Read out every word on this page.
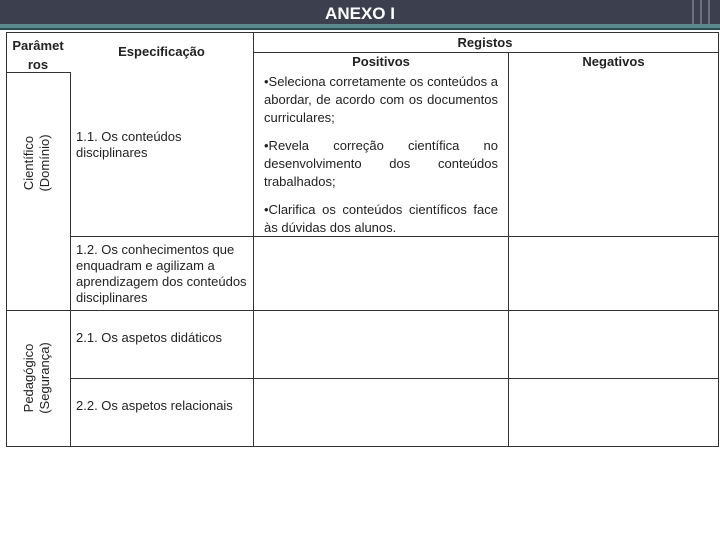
ANEXO I
Parâmet ros
Especificação
Registos
Positivos	Negativos
Científico (Domínio)
Pedagógico (Segurança)
1.1. Os conteúdos disciplinares
1.2. Os conhecimentos que enquadram e agilizam a aprendizagem dos conteúdos disciplinares
2.1. Os aspetos didáticos
2.2. Os aspetos relacionais
•Seleciona corretamente os conteúdos a abordar, de acordo com os documentos curriculares;
•Revela correção científica no desenvolvimento dos conteúdos trabalhados;
•Clarifica os conteúdos científicos face às dúvidas dos alunos.
